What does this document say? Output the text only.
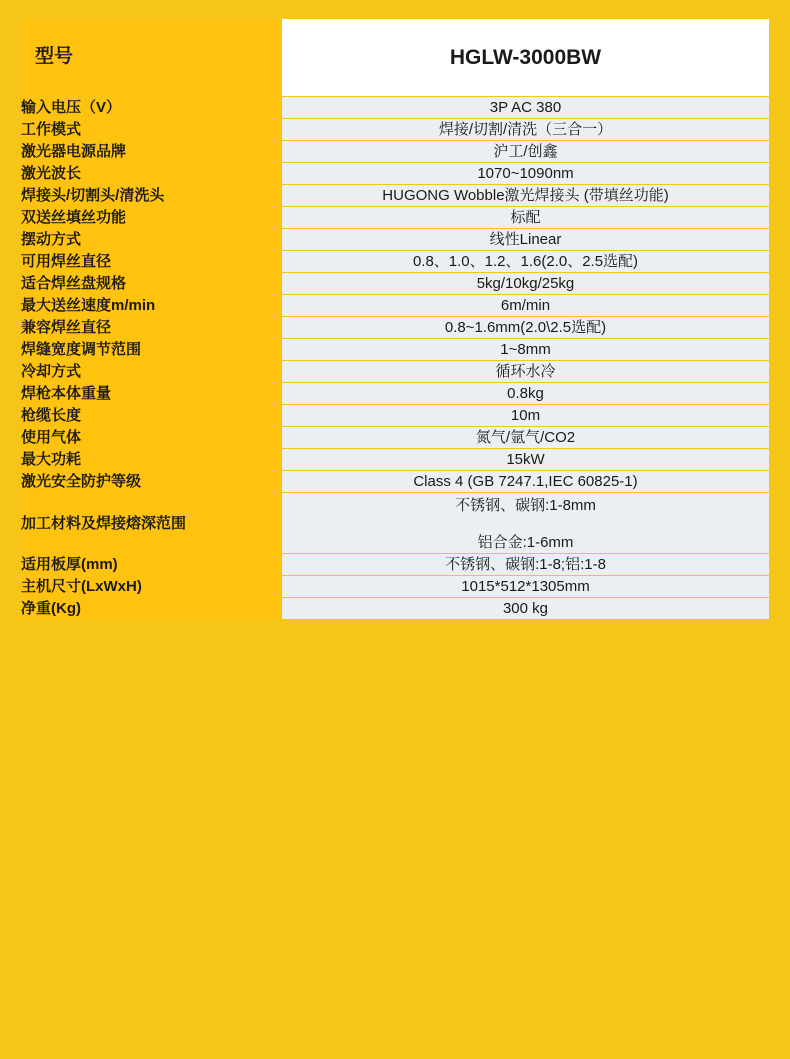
型号	HGLW-3000BW
输入电压（V）	3P AC 380
工作模式	焊接/切割/清洗（三合一）
激光器电源品牌	沪工/创鑫
激光波长	1070~1090nm
焊接头/切割头/清洗头	HUGONG Wobble激光焊接头 (带填丝功能)
双送丝填丝功能	标配
摆动方式	线性Linear
可用焊丝直径	0.8、1.0、1.2、1.6(2.0、2.5选配)
适合焊丝盘规格	5kg/10kg/25kg
最大送丝速度m/min	6m/min
兼容焊丝直径	0.8~1.6mm(2.0\2.5选配)
焊缝宽度调节范围	1~8mm
冷却方式	循环水冷
焊枪本体重量	0.8kg
枪缆长度	10m
使用气体	氮气/氩气/CO2
最大功耗	15kW
激光安全防护等级	Class 4 (GB 7247.1,IEC 60825-1)
加工材料及焊接熔深范围	不锈钢、碳钢:1-8mm
铝合金:1-6mm

适用板厚(mm)	不锈钢、碳钢:1-8;铝:1-8
主机尺寸(LxWxH)	1015*512*1305mm
净重(Kg)	300 kg
